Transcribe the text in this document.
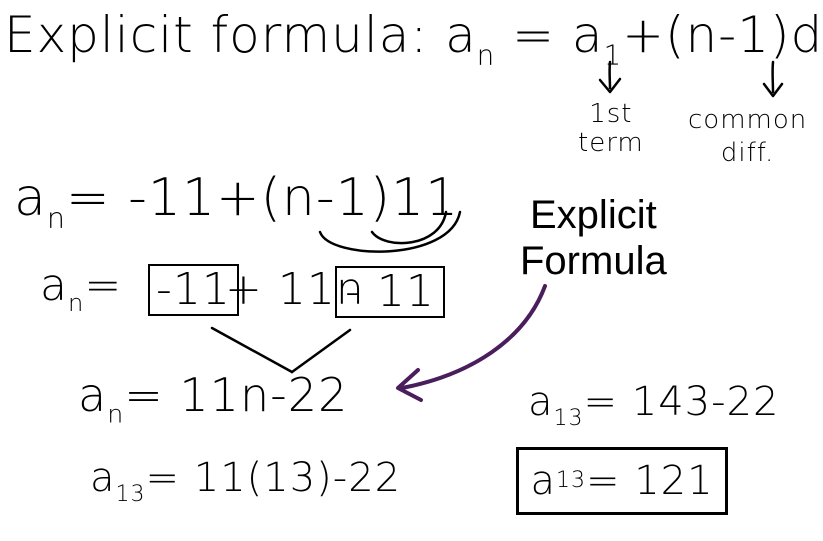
Explicit formula: $a_n = a_1+(n-1)d$
1st
term
common
diff.
$a_n= -11+(n-1)11$
$a_n= -11$
+ 11n
- 11
$a_n= 11n-22$
$a_{13}= 11(13)-22$
$a_{13}= 143-22$
a 13 = 121
Explicit
Formula
